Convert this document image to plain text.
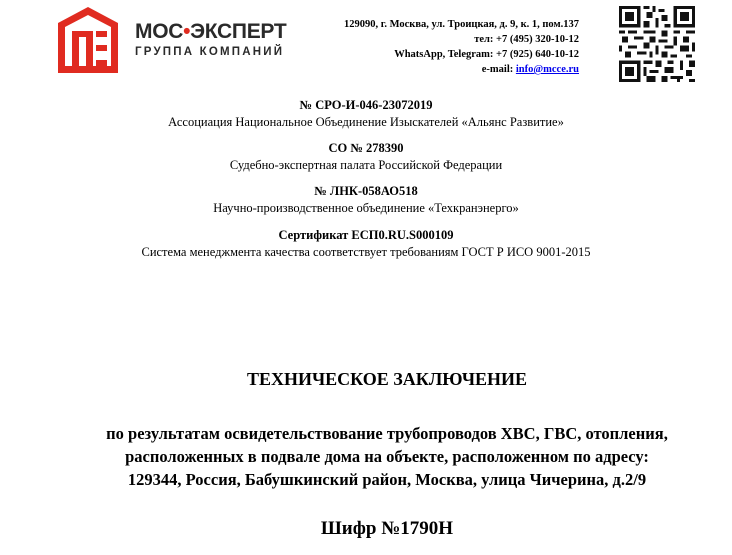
МОС•ЭКСПЕРТ
ГРУППА КОМПАНИЙ
129090, г. Москва, ул. Троицкая, д. 9, к. 1, пом.137
тел: +7 (495) 320-10-12
WhatsApp, Telegram: +7 (925) 640-10-12
e-mail: info@mcce.ru
№ СРО-И-046-23072019
Ассоциация Национальное Объединение Изыскателей «Альянс Развитие»
СО № 278390
Судебно-экспертная палата Российской Федерации
№ ЛНК-058АО518
Научно-производственное объединение «Техкранэнерго»
Сертификат ЕСП0.RU.S000109
Система менеджмента качества соответствует требованиям ГОСТ Р ИСО 9001-2015
ТЕХНИЧЕСКОЕ ЗАКЛЮЧЕНИЕ
по результатам освидетельствование трубопроводов ХВС, ГВС, отопления,
расположенных в подвале дома на объекте, расположенном по адресу:
129344, Россия, Бабушкинский район, Москва, улица Чичерина, д.2/9
Шифр №1790Н
